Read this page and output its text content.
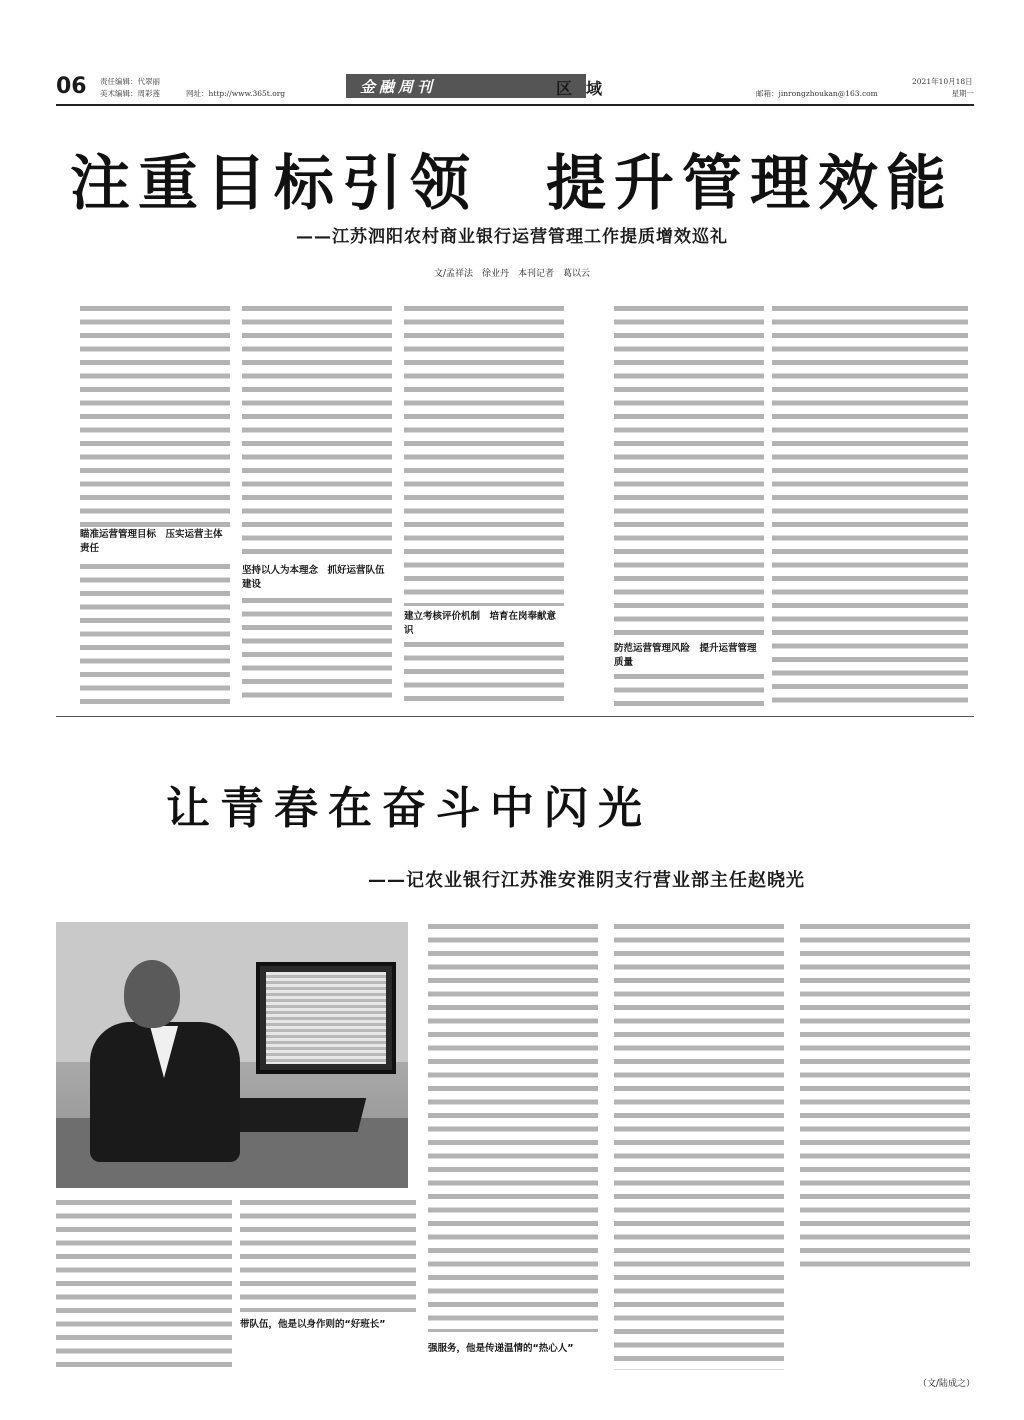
06 责任编辑：代翠丽
美术编辑：周彩莲	网址：http://www.365t.org	金融周刊	区域	邮箱：jinrongzhoukan@163.com
2021年10月18日
星期一
注重目标引领　提升管理效能
——江苏泗阳农村商业银行运营管理工作提质增效巡礼
文/孟祥法　徐业丹　本刊记者　葛以云
瞄准运营管理目标　压实运营主体责任
坚持以人为本理念　抓好运营队伍建设
建立考核评价机制　培育在岗奉献意识
防范运营管理风险　提升运营管理质量
让青春在奋斗中闪光
——记农业银行江苏淮安淮阴支行营业部主任赵晓光
带队伍，他是以身作则的“好班长”
强服务，他是传递温情的“热心人”
（文/陆成之）
